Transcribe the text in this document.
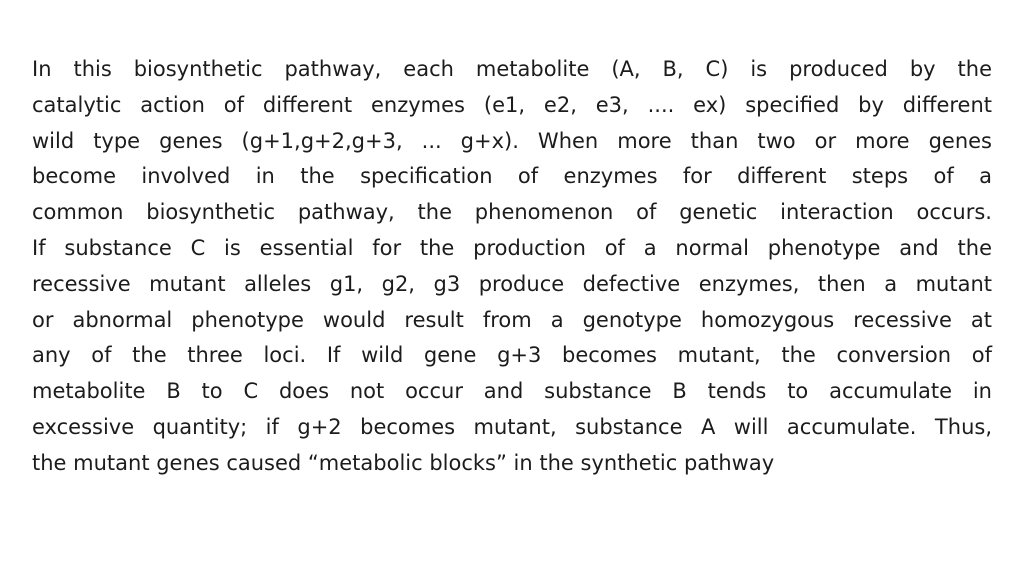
In this biosynthetic pathway, each metabolite (A, B, C) is produced by the
catalytic action of different enzymes (e1, e2, e3, .... ex) specified by different
wild type genes (g+1,g+2,g+3, ... g+x). When more than two or more genes
become involved in the specification of enzymes for different steps of a
common biosynthetic pathway, the phenomenon of genetic interaction occurs.
If substance C is essential for the production of a normal phenotype and the
recessive mutant alleles g1, g2, g3 produce defective enzymes, then a mutant
or abnormal phenotype would result from a genotype homozygous recessive at
any of the three loci. If wild gene g+3 becomes mutant, the conversion of
metabolite B to C does not occur and substance B tends to accumulate in
excessive quantity; if g+2 becomes mutant, substance A will accumulate. Thus,
the mutant genes caused “metabolic blocks” in the synthetic pathway
